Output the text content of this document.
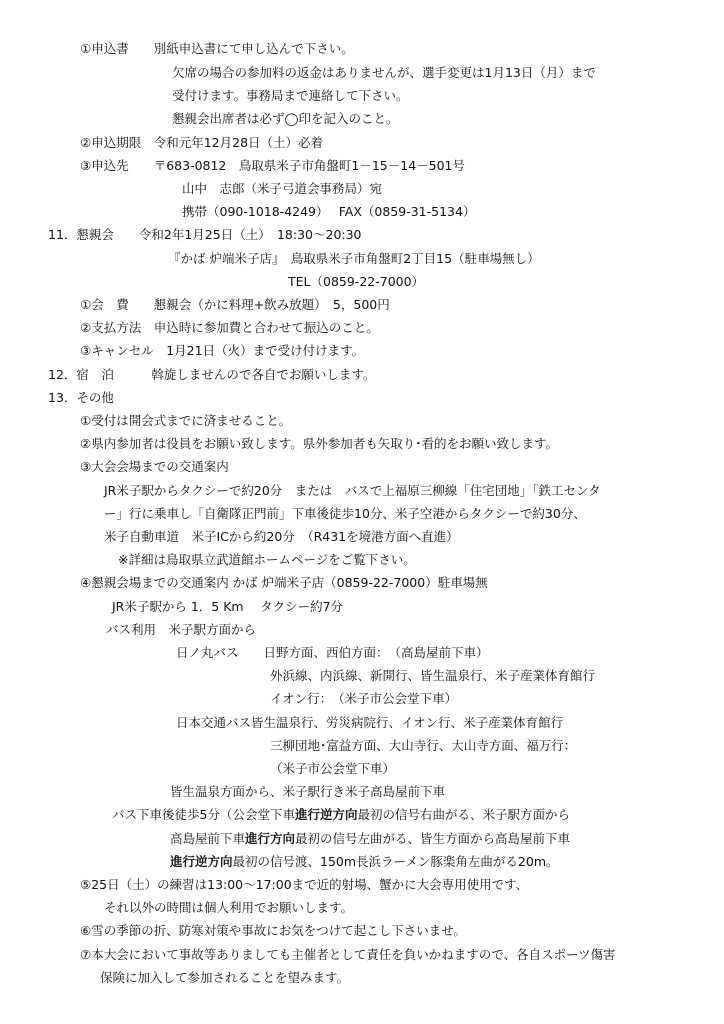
①申込書　　別紙申込書にて申し込んで下さい。
欠席の場合の参加料の返金はありませんが、選手変更は1月13日（月）まで
受付けます。事務局まで連絡して下さい。
懇親会出席者は必ず◯印を記入のこと。
②申込期限　令和元年12月28日（土）必着
③申込先　　〒683-0812　鳥取県米子市角盤町1－15－14－501号
山中　志郎（米子弓道会事務局）宛
携帯（090-1018-4249）　 FAX（0859-31-5134）
11．懇親会　　令和2年1月25日（土）　18:30～20:30
『かば 炉端米子店』　鳥取県米子市角盤町2丁目15（駐車場無し）
TEL（0859-22-7000）
①会　費　　懇親会（かに料理+飲み放題）　5，500円
②支払方法　申込時に参加費と合わせて振込のこと。
③キャンセル　1月21日（火）まで受け付けます。
12．宿　泊　　　斡旋しませんので各自でお願いします。
13．その他
①受付は開会式までに済ませること。
②県内参加者は役員をお願い致します。県外参加者も矢取り･看的をお願い致します。
③大会会場までの交通案内
JR米子駅からタクシーで約20分　または　バスで上福原三柳線「住宅団地」「鉄工センタ
ー」行に乗車し「自衛隊正門前」下車後徒歩10分、米子空港からタクシーで約30分、
米子自動車道　米子ICから約20分　（R431を境港方面へ直進）
※詳細は鳥取県立武道館ホームページをご覧下さい。
④懇親会場までの交通案内 かば 炉端米子店（0859-22-7000）駐車場無
JR米子駅から 1．5 Km　 タクシー約7分
バス利用　米子駅方面から
日ノ丸バス　　日野方面、西伯方面：　（高島屋前下車）
外浜線、内浜線、新開行、皆生温泉行、米子産業体育館行
イオン行：　（米子市公会堂下車）
日本交通バス皆生温泉行、労災病院行、イオン行、米子産業体育館行
三柳団地･富益方面、大山寺行、大山寺方面、福万行：
（米子市公会堂下車）
皆生温泉方面から、米子駅行き米子高島屋前下車
バス下車後徒歩5分（公会堂下車進行逆方向最初の信号右曲がる、米子駅方面から
高島屋前下車進行方向最初の信号左曲がる、皆生方面から高島屋前下車
進行逆方向最初の信号渡、150m長浜ラーメン豚楽角左曲がる20m。
⑤25日（土）の練習は13:00～17:00まで近的射場、蟹かに大会専用使用です、
それ以外の時間は個人利用でお願いします。
⑥雪の季節の折、防寒対策や事故にお気をつけて起こし下さいませ。
⑦本大会において事故等ありましても主催者として責任を負いかねますので、各自スポーツ傷害
保険に加入して参加されることを望みます。
